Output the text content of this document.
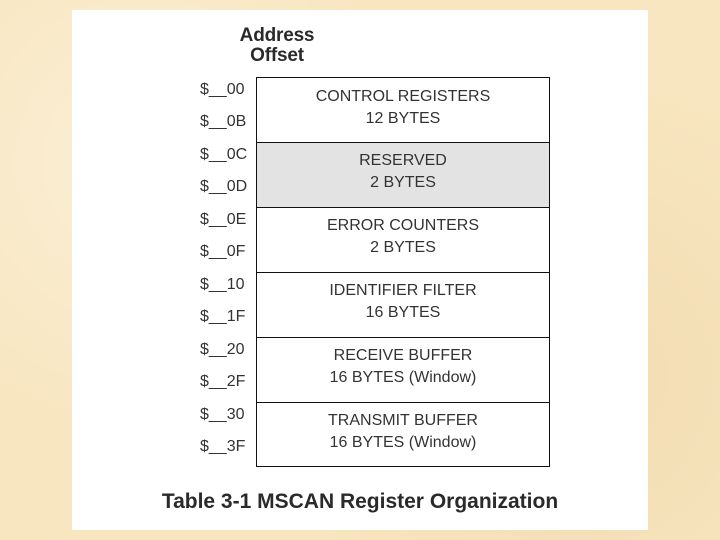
Address
Offset
$__00
$__0B
$__0C
$__0D
$__0E
$__0F
$__10
$__1F
$__20
$__2F
$__30
$__3F
CONTROL REGISTERS
12 BYTES
RESERVED
2 BYTES
ERROR COUNTERS
2 BYTES
IDENTIFIER FILTER
16 BYTES
RECEIVE BUFFER
16 BYTES (Window)
TRANSMIT BUFFER
16 BYTES (Window)
Table 3-1 MSCAN Register Organization
